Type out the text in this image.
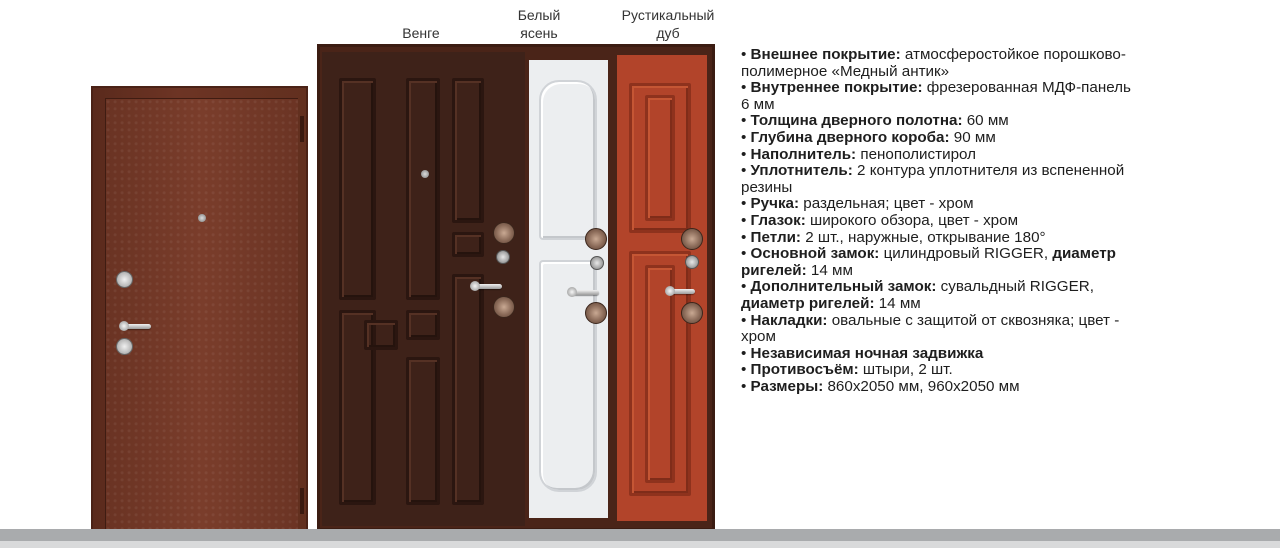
Венге
Белый
ясень
Рустикальный
дуб
• Внешнее покрытие: атмосферостойкое порошково-
полимерное «Медный антик»
• Внутреннее покрытие: фрезерованная МДФ-панель
6 мм
• Толщина дверного полотна: 60 мм
• Глубина дверного короба: 90 мм
• Наполнитель: пенополистирол
• Уплотнитель: 2 контура уплотнителя из вспененной
резины
• Ручка: раздельная; цвет - хром
• Глазок: широкого обзора, цвет - хром
• Петли: 2 шт., наружные, открывание 180°
• Основной замок: цилиндровый RIGGER, диаметр
ригелей: 14 мм
• Дополнительный замок: сувальдный RIGGER,
диаметр ригелей: 14 мм
• Накладки: овальные с защитой от сквозняка; цвет -
хром
• Независимая ночная задвижка
• Противосъём: штыри, 2 шт.
• Размеры: 860x2050 мм, 960x2050 мм
